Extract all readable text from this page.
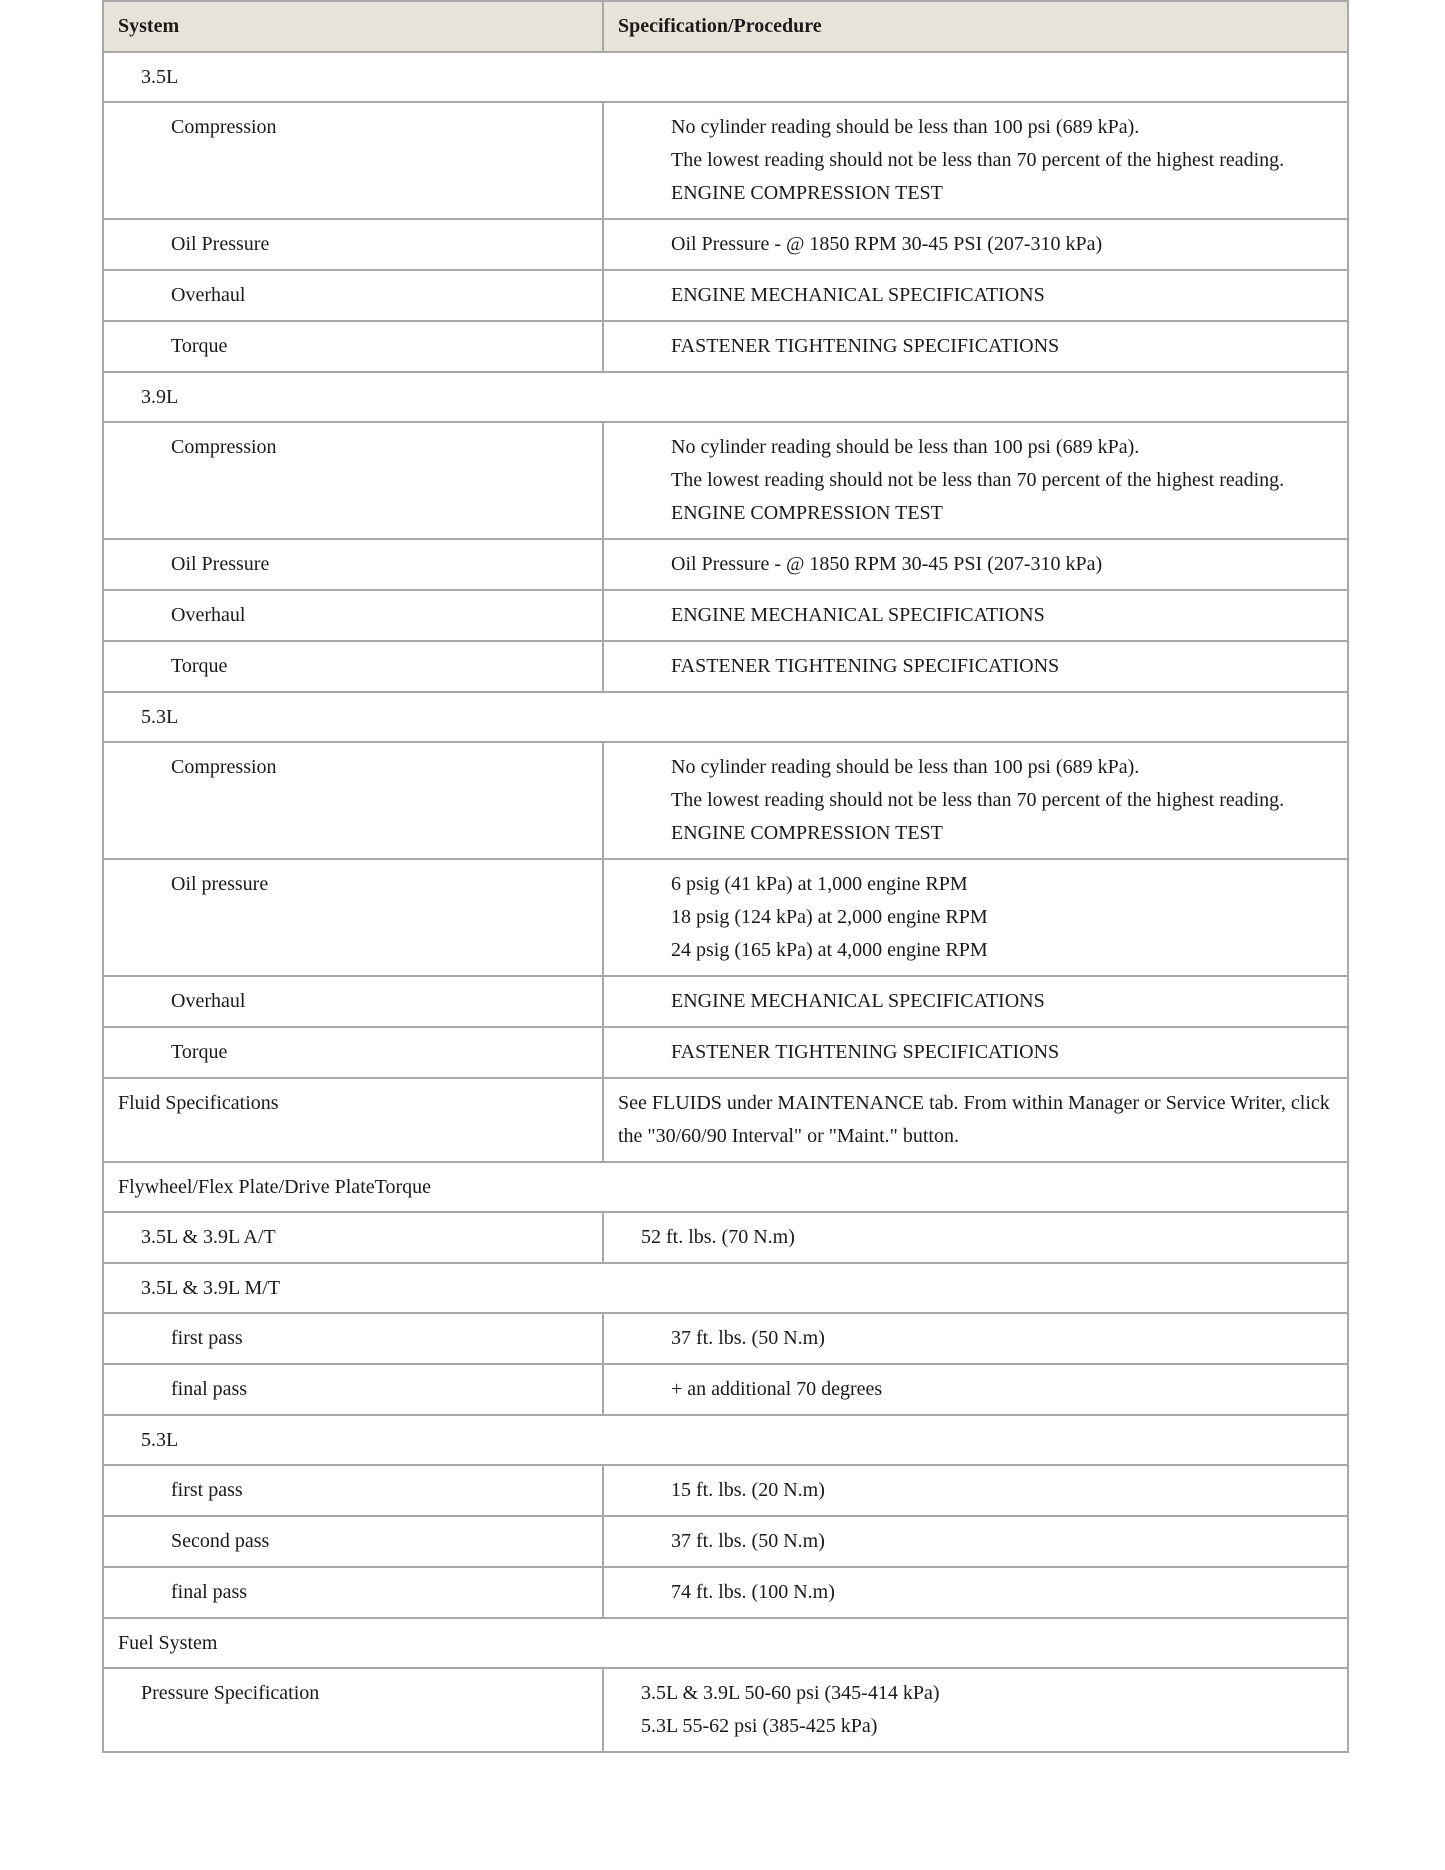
System	Specification/Procedure
3.5L	
Compression	No cylinder reading should be less than 100 psi (689 kPa).
The lowest reading should not be less than 70 percent of the highest reading.
ENGINE COMPRESSION TEST

Oil Pressure	Oil Pressure - @ 1850 RPM 30-45 PSI (207-310 kPa)

Overhaul	ENGINE MECHANICAL SPECIFICATIONS

Torque	FASTENER TIGHTENING SPECIFICATIONS

3.9L	
Compression	No cylinder reading should be less than 100 psi (689 kPa).
The lowest reading should not be less than 70 percent of the highest reading.
ENGINE COMPRESSION TEST

Oil Pressure	Oil Pressure - @ 1850 RPM 30-45 PSI (207-310 kPa)

Overhaul	ENGINE MECHANICAL SPECIFICATIONS

Torque	FASTENER TIGHTENING SPECIFICATIONS

5.3L	
Compression	No cylinder reading should be less than 100 psi (689 kPa).
The lowest reading should not be less than 70 percent of the highest reading.
ENGINE COMPRESSION TEST

Oil pressure	6 psig (41 kPa) at 1,000 engine RPM
18 psig (124 kPa) at 2,000 engine RPM
24 psig (165 kPa) at 4,000 engine RPM

Overhaul	ENGINE MECHANICAL SPECIFICATIONS

Torque	FASTENER TIGHTENING SPECIFICATIONS

Fluid Specifications	See FLUIDS under MAINTENANCE tab. From within Manager or Service Writer, click the "30/60/90 Interval" or "Maint." button.

Flywheel/Flex Plate/Drive PlateTorque	
3.5L & 3.9L A/T	52 ft. lbs. (70 N.m)

3.5L & 3.9L M/T	
first pass	37 ft. lbs. (50 N.m)

final pass	+ an additional 70 degrees

5.3L	
first pass	15 ft. lbs. (20 N.m)

Second pass	37 ft. lbs. (50 N.m)

final pass	74 ft. lbs. (100 N.m)

Fuel System	
Pressure Specification	3.5L & 3.9L 50-60 psi (345-414 kPa)
5.3L 55-62 psi (385-425 kPa)
